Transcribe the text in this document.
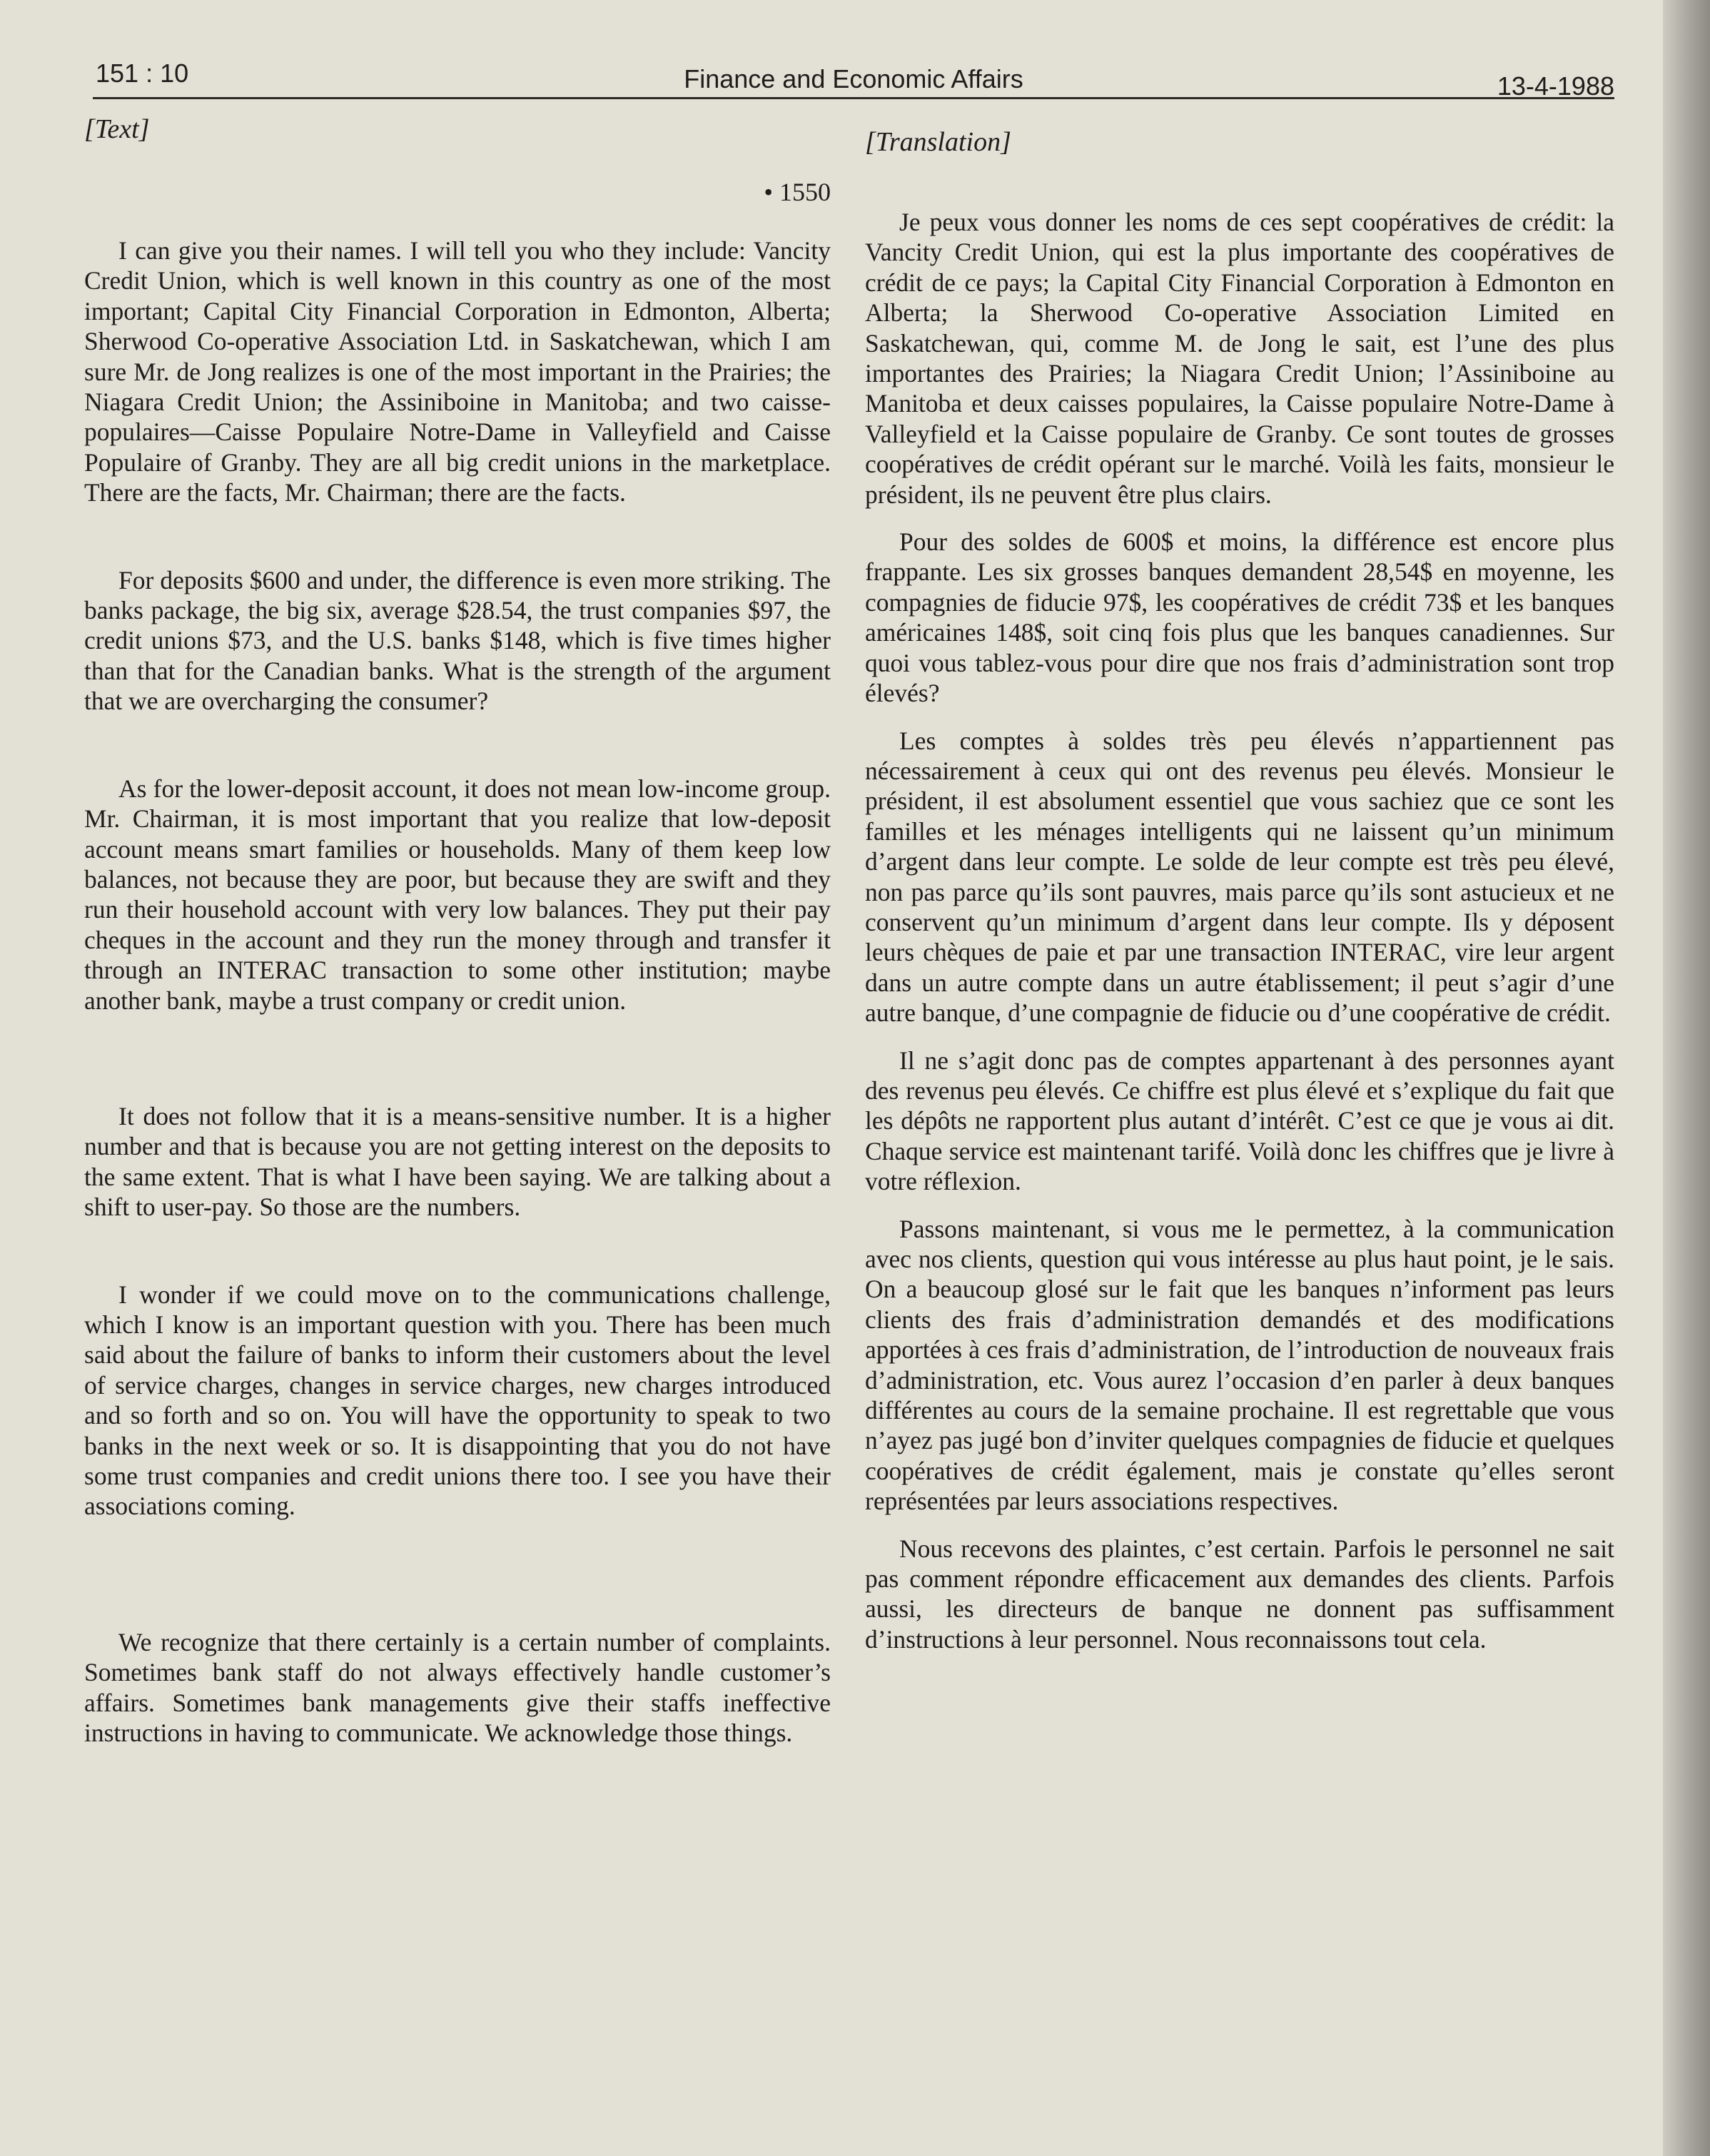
151 : 10	Finance and Economic Affairs	13-4-1988
[Text]
• 1550

I can give you their names. I will tell you who they include: Vancity Credit Union, which is well known in this country as one of the most important; Capital City Financial Corporation in Edmonton, Alberta; Sherwood Co-operative Association Ltd. in Saskatchewan, which I am sure Mr. de Jong realizes is one of the most important in the Prairies; the Niagara Credit Union; the Assiniboine in Manitoba; and two caisse-populaires—Caisse Populaire Notre-Dame in Valleyfield and Caisse Populaire of Granby. They are all big credit unions in the marketplace. There are the facts, Mr. Chairman; there are the facts.

For deposits $600 and under, the difference is even more striking. The banks package, the big six, average $28.54, the trust companies $97, the credit unions $73, and the U.S. banks $148, which is five times higher than that for the Canadian banks. What is the strength of the argument that we are overcharging the consumer?

As for the lower-deposit account, it does not mean low-income group. Mr. Chairman, it is most important that you realize that low-deposit account means smart families or households. Many of them keep low balances, not because they are poor, but because they are swift and they run their household account with very low balances. They put their pay cheques in the account and they run the money through and transfer it through an INTERAC transaction to some other institution; maybe another bank, maybe a trust company or credit union.

It does not follow that it is a means-sensitive number. It is a higher number and that is because you are not getting interest on the deposits to the same extent. That is what I have been saying. We are talking about a shift to user-pay. So those are the numbers.

I wonder if we could move on to the communications challenge, which I know is an important question with you. There has been much said about the failure of banks to inform their customers about the level of service charges, changes in service charges, new charges introduced and so forth and so on. You will have the opportunity to speak to two banks in the next week or so. It is disappointing that you do not have some trust companies and credit unions there too. I see you have their associations coming.

We recognize that there certainly is a certain number of complaints. Sometimes bank staff do not always effectively handle customer’s affairs. Sometimes bank managements give their staffs ineffective instructions in having to communicate. We acknowledge those things.

[Translation]

Je peux vous donner les noms de ces sept coopératives de crédit: la Vancity Credit Union, qui est la plus importante des coopératives de crédit de ce pays; la Capital City Financial Corporation à Edmonton en Alberta; la Sherwood Co-operative Association Limited en Saskatchewan, qui, comme M. de Jong le sait, est l’une des plus importantes des Prairies; la Niagara Credit Union; l’Assiniboine au Manitoba et deux caisses populaires, la Caisse populaire Notre-Dame à Valleyfield et la Caisse populaire de Granby. Ce sont toutes de grosses coopératives de crédit opérant sur le marché. Voilà les faits, monsieur le président, ils ne peuvent être plus clairs.

Pour des soldes de 600$ et moins, la différence est encore plus frappante. Les six grosses banques demandent 28,54$ en moyenne, les compagnies de fiducie 97$, les coopératives de crédit 73$ et les banques américaines 148$, soit cinq fois plus que les banques canadiennes. Sur quoi vous tablez-vous pour dire que nos frais d’administration sont trop élevés?

Les comptes à soldes très peu élevés n’appartiennent pas nécessairement à ceux qui ont des revenus peu élevés. Monsieur le président, il est absolument essentiel que vous sachiez que ce sont les familles et les ménages intelligents qui ne laissent qu’un minimum d’argent dans leur compte. Le solde de leur compte est très peu élevé, non pas parce qu’ils sont pauvres, mais parce qu’ils sont astucieux et ne conservent qu’un minimum d’argent dans leur compte. Ils y déposent leurs chèques de paie et par une transaction INTERAC, vire leur argent dans un autre compte dans un autre établissement; il peut s’agir d’une autre banque, d’une compagnie de fiducie ou d’une coopérative de crédit.

Il ne s’agit donc pas de comptes appartenant à des personnes ayant des revenus peu élevés. Ce chiffre est plus élevé et s’explique du fait que les dépôts ne rapportent plus autant d’intérêt. C’est ce que je vous ai dit. Chaque service est maintenant tarifé. Voilà donc les chiffres que je livre à votre réflexion.

Passons maintenant, si vous me le permettez, à la communication avec nos clients, question qui vous intéresse au plus haut point, je le sais. On a beaucoup glosé sur le fait que les banques n’informent pas leurs clients des frais d’administration demandés et des modifications apportées à ces frais d’administration, de l’introduction de nouveaux frais d’administration, etc. Vous aurez l’occasion d’en parler à deux banques différentes au cours de la semaine prochaine. Il est regrettable que vous n’ayez pas jugé bon d’inviter quelques compagnies de fiducie et quelques coopératives de crédit également, mais je constate qu’elles seront représentées par leurs associations respectives.

Nous recevons des plaintes, c’est certain. Parfois le personnel ne sait pas comment répondre efficacement aux demandes des clients. Parfois aussi, les directeurs de banque ne donnent pas suffisamment d’instructions à leur personnel. Nous reconnaissons tout cela.
